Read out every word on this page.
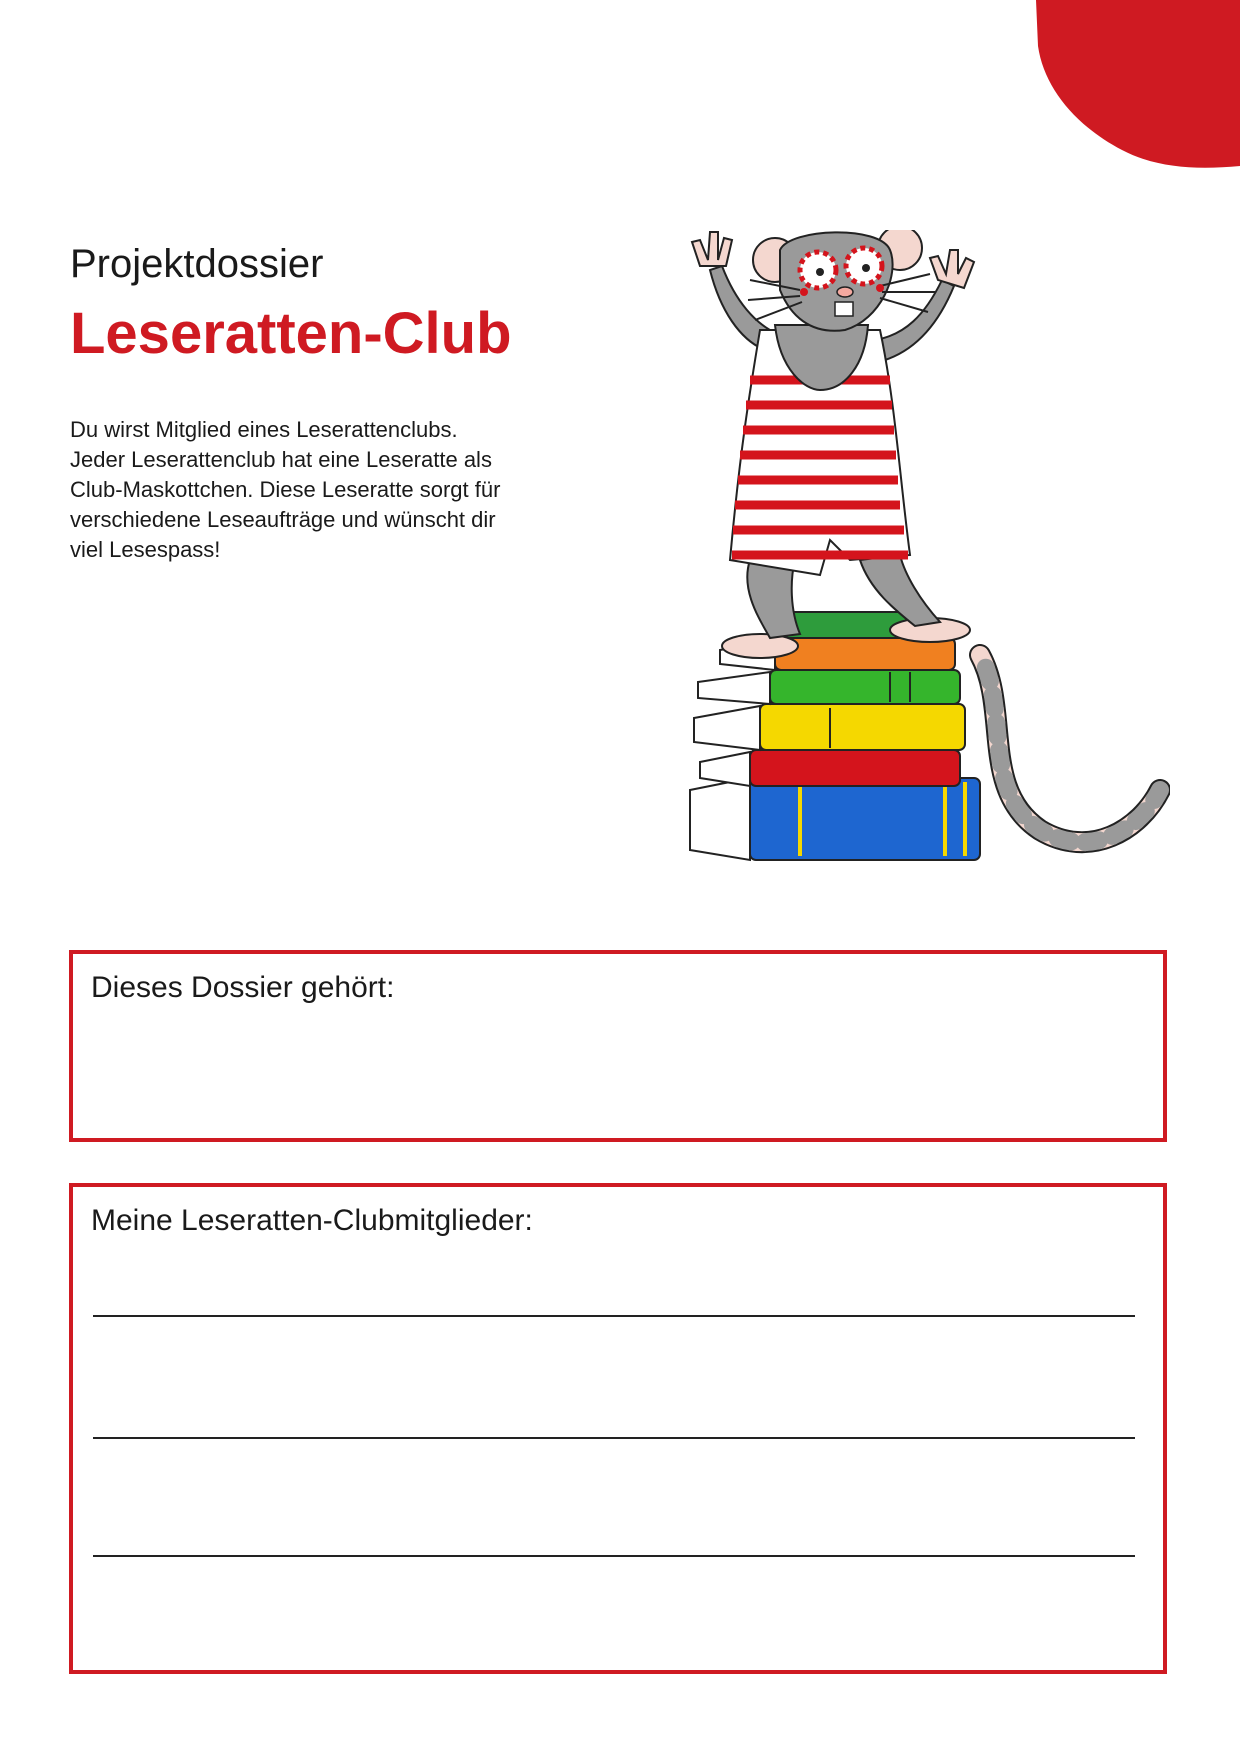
Projektdossier
Leseratten-Club

Du wirst Mitglied eines Leserattenclubs.
Jeder Leserattenclub hat eine Leseratte als
Club-Maskottchen. Diese Leseratte sorgt für
verschiedene Leseaufträge und wünscht dir
viel Lesespass!

Dieses Dossier gehört:

Meine Leseratten-Clubmitglieder:
